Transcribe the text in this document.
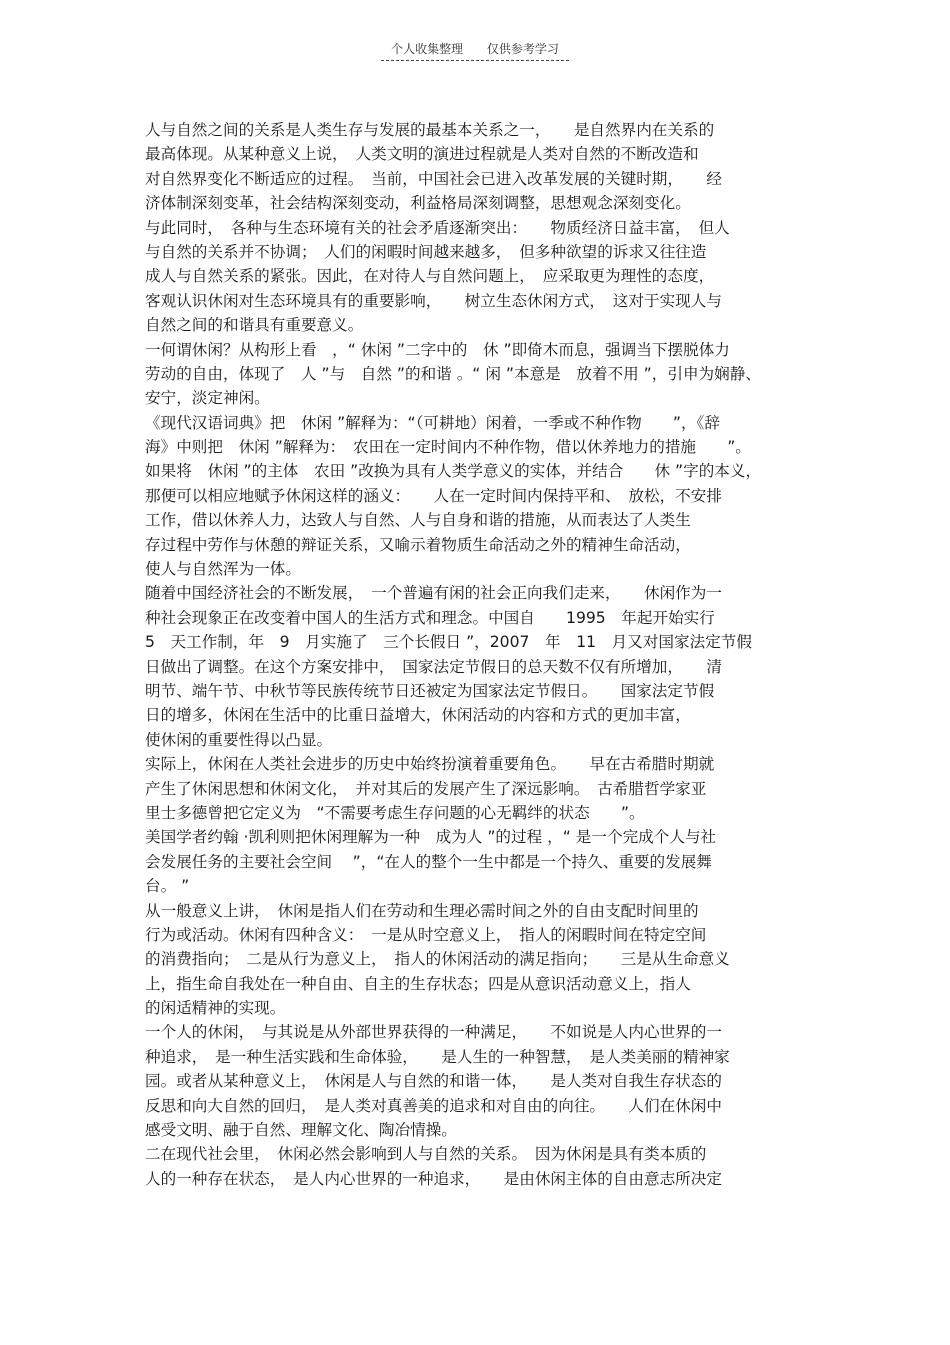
个人收集整理 仅供参考学习
人与自然之间的关系是人类生存与发展的最基本关系之一，　　是自然界内在关系的
最高体现。从某种意义上说，　人类文明的演进过程就是人类对自然的不断改造和
对自然界变化不断适应的过程。　当前，中国社会已进入改革发展的关键时期，　　经
济体制深刻变革，社会结构深刻变动，利益格局深刻调整，思想观念深刻变化。
与此同时，　各种与生态环境有关的社会矛盾逐渐突出：　　物质经济日益丰富，　但人
与自然的关系并不协调；　人们的闲暇时间越来越多，　但多种欲望的诉求又往往造
成人与自然关系的紧张。因此，在对待人与自然问题上，　应采取更为理性的态度，
客观认识休闲对生态环境具有的重要影响，　　树立生态休闲方式，　这对于实现人与
自然之间的和谐具有重要意义。
一何谓休闲？从构形上看　，“ 休闲 ”二字中的　休 ”即倚木而息，强调当下摆脱体力
劳动的自由，体现了　人 ”与　自然 ”的和谐 。“ 闲 ”本意是　放着不用 ”，引申为娴静、
安宁，淡定神闲。
《现代汉语词典》把　休闲 ”解释为：“（可耕地）闲着，一季或不种作物　　”，《辞
海》中则把　休闲 ”解释为：　农田在一定时间内不种作物，借以休养地力的措施　　”。
如果将　休闲 ”的主体　农田 ”改换为具有人类学意义的实体，并结合　　休 ”字的本义，
那便可以相应地赋予休闲这样的涵义：　　人在一定时间内保持平和、　放松，不安排
工作，借以休养人力，达致人与自然、人与自身和谐的措施，从而表达了人类生
存过程中劳作与休憩的辩证关系，又喻示着物质生命活动之外的精神生命活动，
使人与自然浑为一体。
随着中国经济社会的不断发展，　一个普遍有闲的社会正向我们走来，　　休闲作为一
种社会现象正在改变着中国人的生活方式和理念。中国自　　1995　年起开始实行
5　天工作制，年　9　月实施了　三个长假日 ”，2007　年　11　月又对国家法定节假
日做出了调整。在这个方案安排中，　国家法定节假日的总天数不仅有所增加，　　清
明节、端午节、中秋节等民族传统节日还被定为国家法定节假日。　　国家法定节假
日的增多，休闲在生活中的比重日益增大，休闲活动的内容和方式的更加丰富，
使休闲的重要性得以凸显。
实际上，休闲在人类社会进步的历史中始终扮演着重要角色。　　早在古希腊时期就
产生了休闲思想和休闲文化，　并对其后的发展产生了深远影响。　古希腊哲学家亚
里士多德曾把它定义为　“不需要考虑生存问题的心无羁绊的状态　　”。
美国学者约翰 ·凯利则把休闲理解为一种　成为人 ”的过程 ，“ 是一个完成个人与社
会发展任务的主要社会空间　 ”，“在人的整个一生中都是一个持久、重要的发展舞
台。 ”
从一般意义上讲，　休闲是指人们在劳动和生理必需时间之外的自由支配时间里的
行为或活动。休闲有四种含义：　一是从时空意义上，　指人的闲暇时间在特定空间
的消费指向；　二是从行为意义上，　指人的休闲活动的满足指向；　　三是从生命意义
上，指生命自我处在一种自由、自主的生存状态；四是从意识活动意义上，指人
的闲适精神的实现。
一个人的休闲，　与其说是从外部世界获得的一种满足，　　不如说是人内心世界的一
种追求，　是一种生活实践和生命体验，　　是人生的一种智慧，　是人类美丽的精神家
园。或者从某种意义上，　休闲是人与自然的和谐一体，　　是人类对自我生存状态的
反思和向大自然的回归，　是人类对真善美的追求和对自由的向往。　　人们在休闲中
感受文明、融于自然、理解文化、陶冶情操。
二在现代社会里，　休闲必然会影响到人与自然的关系。　因为休闲是具有类本质的
人的一种存在状态，　是人内心世界的一种追求，　　是由休闲主体的自由意志所决定
